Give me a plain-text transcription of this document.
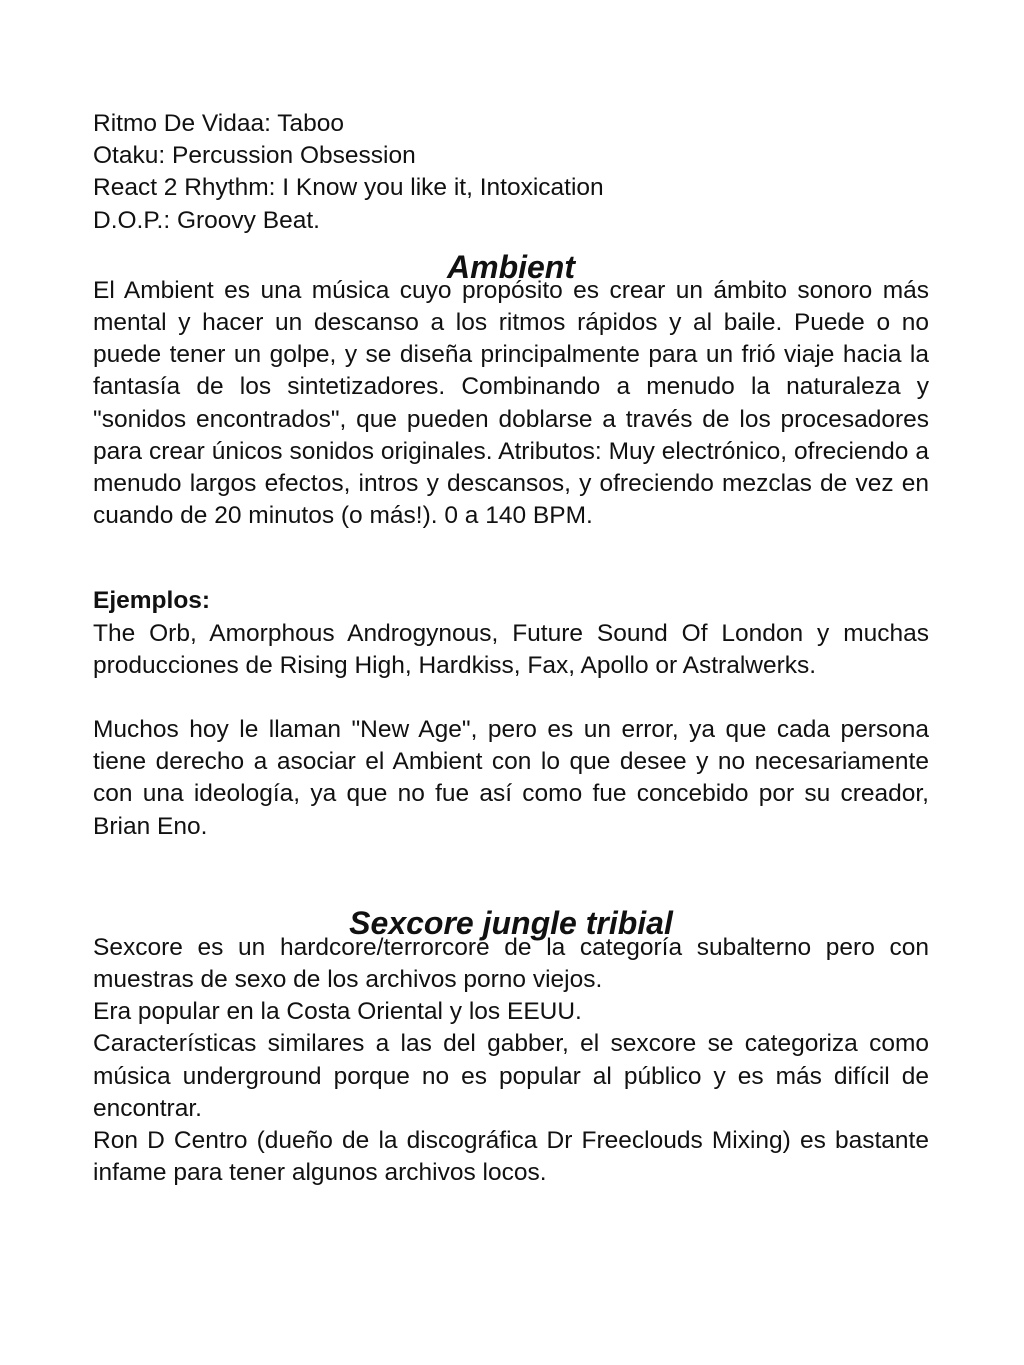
Ritmo De Vidaa: Taboo
Otaku: Percussion Obsession
React 2 Rhythm: I Know you like it, Intoxication
D.O.P.: Groovy Beat.
Ambient

El Ambient es una música cuyo propósito es crear un ámbito sonoro más mental y hacer un descanso a los ritmos rápidos y al baile. Puede o no puede tener un golpe, y se diseña principalmente para un frió viaje hacia la fantasía de los sintetizadores. Combinando a menudo la naturaleza y "sonidos encontrados", que pueden doblarse a través de los procesadores para crear únicos sonidos originales. Atributos: Muy electrónico, ofreciendo a menudo largos efectos, intros y descansos, y ofreciendo mezclas de vez en cuando de 20 minutos (o más!). 0 a 140 BPM.

Ejemplos:

The Orb, Amorphous Androgynous, Future Sound Of London y muchas producciones de Rising High, Hardkiss, Fax, Apollo or Astralwerks.

Muchos hoy le llaman "New Age", pero es un error, ya que cada persona tiene derecho a asociar el Ambient con lo que desee y no necesariamente con una ideología, ya que no fue así como fue concebido por su creador, Brian Eno.

Sexcore jungle tribial

Sexcore es un hardcore/terrorcore de la categoría subalterno pero con muestras de sexo de los archivos porno viejos.

Era popular en la Costa Oriental y los EEUU.

Características similares a las del gabber, el sexcore se categoriza como música underground porque no es popular al público y es más difícil de encontrar.

Ron D Centro (dueño de la discográfica Dr Freeclouds Mixing) es bastante infame para tener algunos archivos locos.
